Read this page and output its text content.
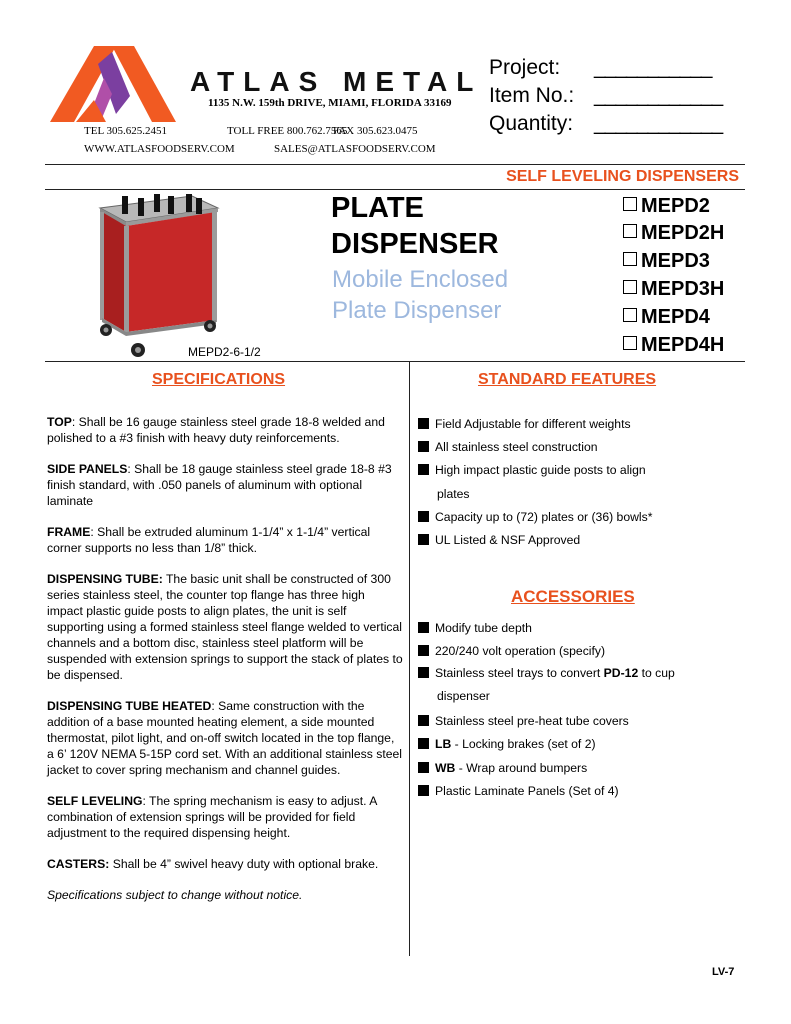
ATLAS METAL
1135 N.W. 159th DRIVE, MIAMI, FLORIDA 33169
TEL 305.625.2451	TOLL FREE 800.762.7565
FAX 305.623.0475
WWW.ATLASFOODSERV.COM	SALES@ATLASFOODSERV.COM
Project: ___________
Item No.: ____________
Quantity: ____________
SELF LEVELING DISPENSERS
MEPD2-6-1/2
PLATE
DISPENSER
Mobile Enclosed
Plate Dispenser
MEPD2
MEPD2H
MEPD3
MEPD3H
MEPD4
MEPD4H
SPECIFICATIONS

TOP: Shall be 16 gauge stainless steel grade 18-8 welded and polished to a #3 finish with heavy duty reinforcements.

SIDE PANELS: Shall be 18 gauge stainless steel grade 18-8 #3 finish standard, with .050 panels of aluminum with optional laminate

FRAME: Shall be extruded aluminum 1-1/4” x 1-1/4” vertical corner supports no less than 1/8” thick.

DISPENSING TUBE: The basic unit shall be constructed of 300 series stainless steel, the counter top flange has three high impact plastic guide posts to align plates, the unit is self supporting using a formed stainless steel flange welded to vertical channels and a bottom disc, stainless steel platform will be suspended with extension springs to support the stack of plates to be dispensed.

DISPENSING TUBE HEATED: Same construction with the addition of a base mounted heating element, a side mounted thermostat, pilot light, and on-off switch located in the top flange, a 6’ 120V NEMA 5-15P cord set. With an additional stainless steel jacket to cover spring mechanism and channel guides.

SELF LEVELING: The spring mechanism is easy to adjust. A combination of extension springs will be provided for field adjustment to the required dispensing height.

CASTERS: Shall be 4” swivel heavy duty with optional brake.

Specifications subject to change without notice.

STANDARD FEATURES
Field Adjustable for different weights
All stainless steel construction
High impact plastic guide posts to align
plates
Capacity up to (72) plates or (36) bowls*
UL Listed & NSF Approved
ACCESSORIES
Modify tube depth
220/240 volt operation (specify)
Stainless steel trays to convert PD-12 to cup
dispenser
Stainless steel pre-heat tube covers
LB - Locking brakes (set of 2)
WB - Wrap around bumpers
Plastic Laminate Panels (Set of 4)
LV-7
